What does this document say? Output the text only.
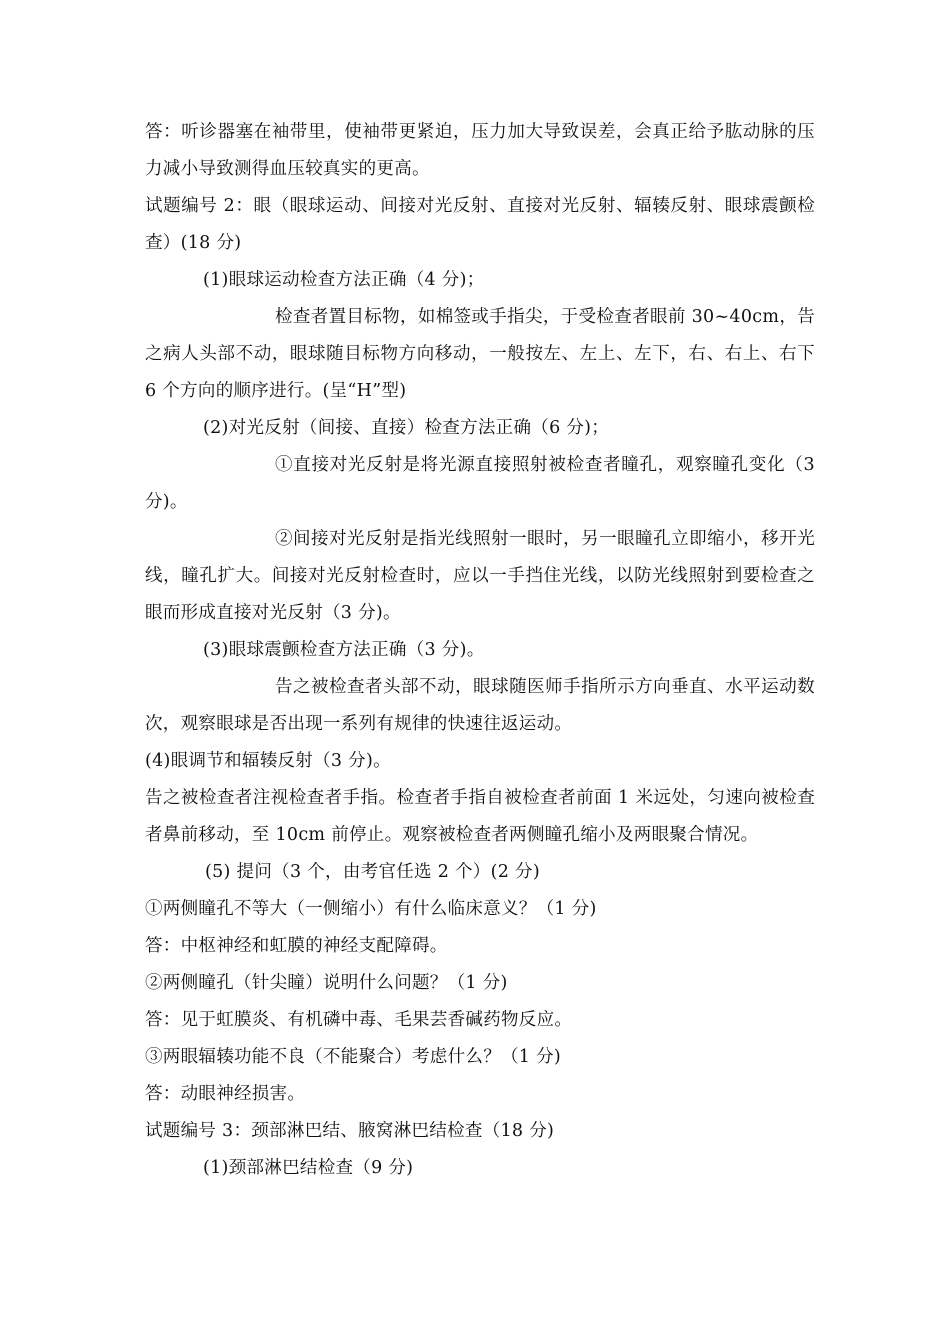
答：听诊器塞在袖带里，使袖带更紧迫，压力加大导致误差，会真正给予肱动脉的压力减小导致测得血压较真实的更高。

试题编号 2：眼（眼球运动、间接对光反射、直接对光反射、辐辏反射、眼球震颤检查）(18 分)

(1)眼球运动检查方法正确（4 分)；

检查者置目标物，如棉签或手指尖，于受检查者眼前 30~40cm，告之病人头部不动，眼球随目标物方向移动，一般按左、左上、左下，右、右上、右下 6 个方向的顺序进行。(呈“H”型)

(2)对光反射（间接、直接）检查方法正确（6 分)；

①直接对光反射是将光源直接照射被检查者瞳孔，观察瞳孔变化（3 分)。

②间接对光反射是指光线照射一眼时，另一眼瞳孔立即缩小，移开光线，瞳孔扩大。间接对光反射检查时，应以一手挡住光线，以防光线照射到要检查之眼而形成直接对光反射（3 分)。

(3)眼球震颤检查方法正确（3 分)。

告之被检查者头部不动，眼球随医师手指所示方向垂直、水平运动数次，观察眼球是否出现一系列有规律的快速往返运动。

(4)眼调节和辐辏反射（3 分)。

告之被检查者注视检查者手指。检查者手指自被检查者前面 1 米远处，匀速向被检查者鼻前移动，至 10cm 前停止。观察被检查者两侧瞳孔缩小及两眼聚合情况。

(5) 提问（3 个，由考官任选 2 个）(2 分)

①两侧瞳孔不等大（一侧缩小）有什么临床意义？（1 分)

答：中枢神经和虹膜的神经支配障碍。

②两侧瞳孔（针尖瞳）说明什么问题？（1 分)

答：见于虹膜炎、有机磷中毒、毛果芸香碱药物反应。

③两眼辐辏功能不良（不能聚合）考虑什么？（1 分)

答：动眼神经损害。

试题编号 3：颈部淋巴结、腋窝淋巴结检查（18 分)

(1)颈部淋巴结检查（9 分)
